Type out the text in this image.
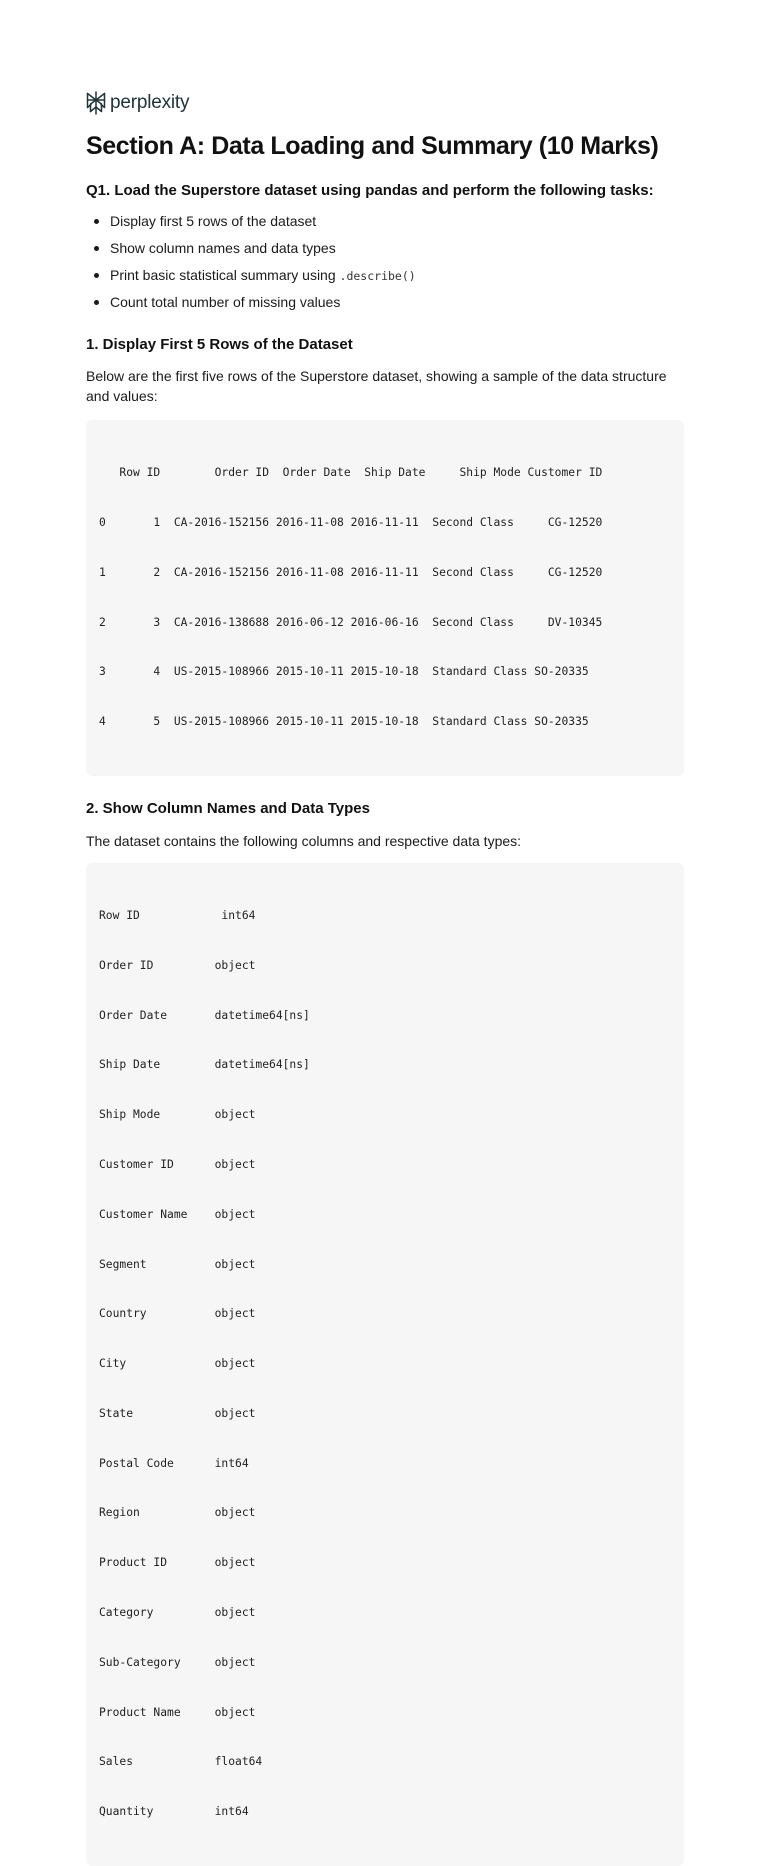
perplexity
Section A: Data Loading and Summary (10 Marks)
Q1. Load the Superstore dataset using pandas and perform the following tasks:
Display first 5 rows of the dataset
Show column names and data types
Print basic statistical summary using .describe()
Count total number of missing values
1. Display First 5 Rows of the Dataset

Below are the first five rows of the Superstore dataset, showing a sample of the data structure and values:

Row ID        Order ID  Order Date  Ship Date     Ship Mode Customer ID

0       1  CA-2016-152156 2016-11-08 2016-11-11  Second Class     CG-12520

1       2  CA-2016-152156 2016-11-08 2016-11-11  Second Class     CG-12520

2       3  CA-2016-138688 2016-06-12 2016-06-16  Second Class     DV-10345

3       4  US-2015-108966 2015-10-11 2015-10-18  Standard Class SO-20335

4       5  US-2015-108966 2015-10-11 2015-10-18  Standard Class SO-20335

2. Show Column Names and Data Types

The dataset contains the following columns and respective data types:

Row ID            int64

Order ID         object

Order Date       datetime64[ns]

Ship Date        datetime64[ns]

Ship Mode        object

Customer ID      object

Customer Name    object

Segment          object

Country          object

City             object

State            object

Postal Code      int64

Region           object

Product ID       object

Category         object

Sub-Category     object

Product Name     object

Sales            float64

Quantity         int64
